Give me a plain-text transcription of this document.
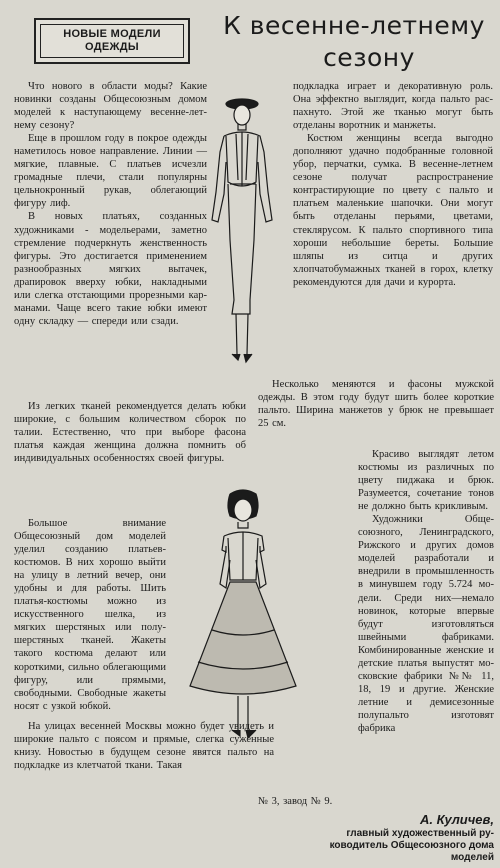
НОВЫЕ МОДЕЛИ ОДЕЖДЫ
К весенне-летнему
сезону

Что нового в области моды? Какие новинки созданы Общесоюзным домом моделей к наступающему весенне-летнему сезону?

Еще в прошлом году в покрое одежды наметилось новое направление. Линии — мягкие, плавные. С платьев исчезли громадные плечи, стали популярны цельнокронный рукав, облегающий фигуру лиф.

В новых платьях, созданных художниками - модельерами, заметно стремление подчеркнуть женственность фигуры. Это достигается применением разнообразных мягких вытачек, драпировок вверху юбки, накладными или слегка отстающими прорезными карманами. Чаще всего такие юбки имеют одну складку — спереди или сзади.

подкладка играет и декоративную роль. Она эффектно выглядит, когда пальто распахнуто. Этой же тканью могут быть отделаны воротник и манжеты.

Костюм женщины всегда выгодно дополняют удачно подобранные головной убор, перчатки, сумка. В весенне-летнем сезоне получат распространение контрастирующие по цвету с пальто и платьем маленькие шапочки. Они могут быть отделаны перьями, цветами, стеклярусом. К пальто спортивного типа хороши небольшие береты. Большие шляпы из ситца и других хлопчатобумажных тканей в горох, клетку рекомендуются для дачи и курорта.

Из легких тканей рекомендуется делать юбки широкие, с большим количеством сборок по талии. Естественно, что при выборе фасона платья каждая женщина должна помнить об индивидуальных особенностях своей фигуры.

Несколько меняются и фасоны мужской одежды. В этом году будут шить более короткие пальто. Ширина манжетов у брюк не превышает 25 см.

Большое внимание Общесоюзный дом моделей уделил созданию платьев-костюмов. В них хорошо выйти на улицу в летний вечер, они удобны и для работы. Шить платья-костюмы можно из искусственного шелка, из мягких шерстяных или полушерстяных тканей. Жакеты такого костюма делают или короткими, сильно облегающими фигуру, или прямыми, свободными. Свободные жакеты носят с узкой юбкой.

Красиво выглядят летом костюмы из различных по цвету пиджака и брюк. Разумеется, сочетание тонов не должно быть крикливым.

Художники Общесоюзного, Ленинградского, Рижского и других домов моделей разработали и внедрили в промышленность в минувшем году 5.724 модели. Среди них—немало новинок, которые впервые будут изготовляться швейными фабриками. Комбинированные женские и детские платья выпустят московские фабрики №№ 11, 18, 19 и другие. Женские летние и демисезонные полупальто изготовят фабрика

На улицах весенней Москвы можно будет увидеть и широкие пальто с поясом и прямые, слегка суженные книзу. Новостью в будущем сезоне явятся пальто на подкладке из клетчатой ткани. Такая

№ 3, завод № 9.

А. Куличев,
главный художественный руководитель Общесоюзного дома моделей
